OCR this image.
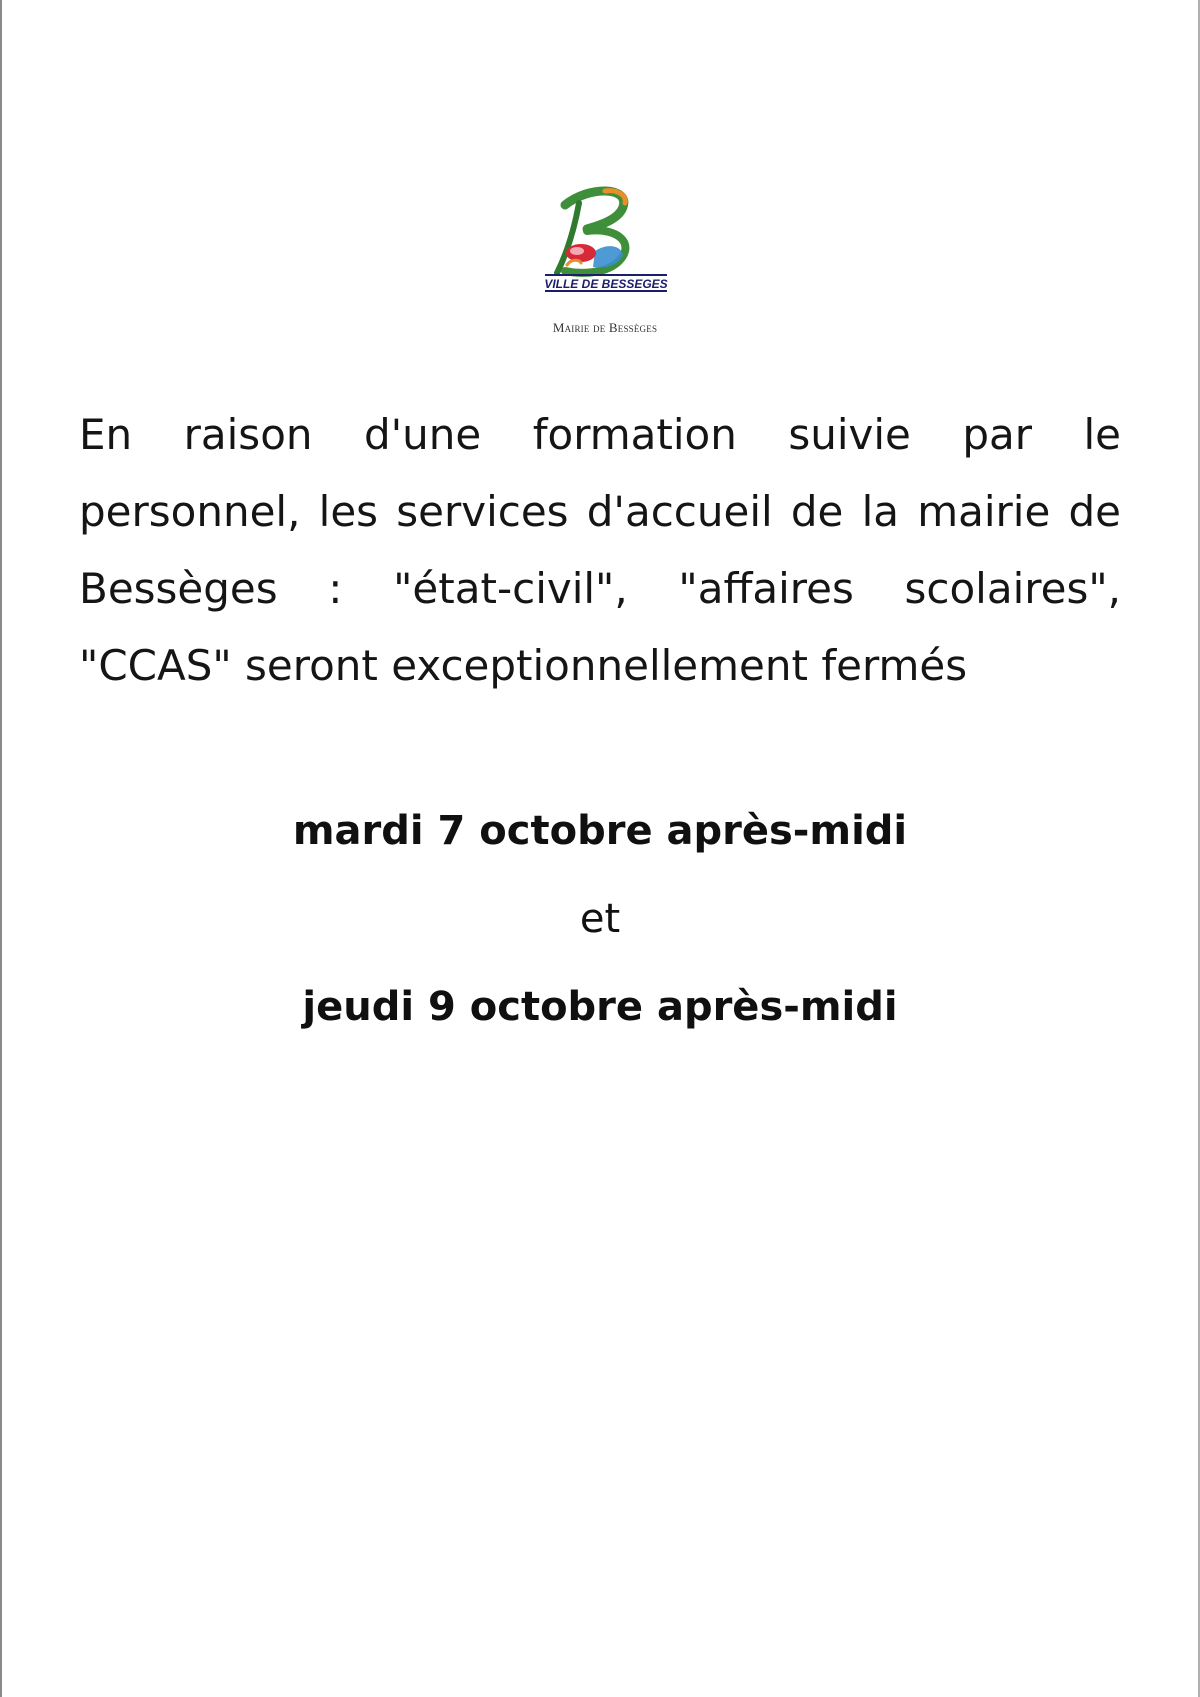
VILLE DE BESSEGES
Mairie de Bessèges

En raison d'une formation suivie par le personnel, les services d'accueil de la mairie de Bessèges : "état-civil", "affaires scolaires", "CCAS" seront exceptionnellement fermés

mardi 7 octobre après-midi

et

jeudi 9 octobre après-midi
